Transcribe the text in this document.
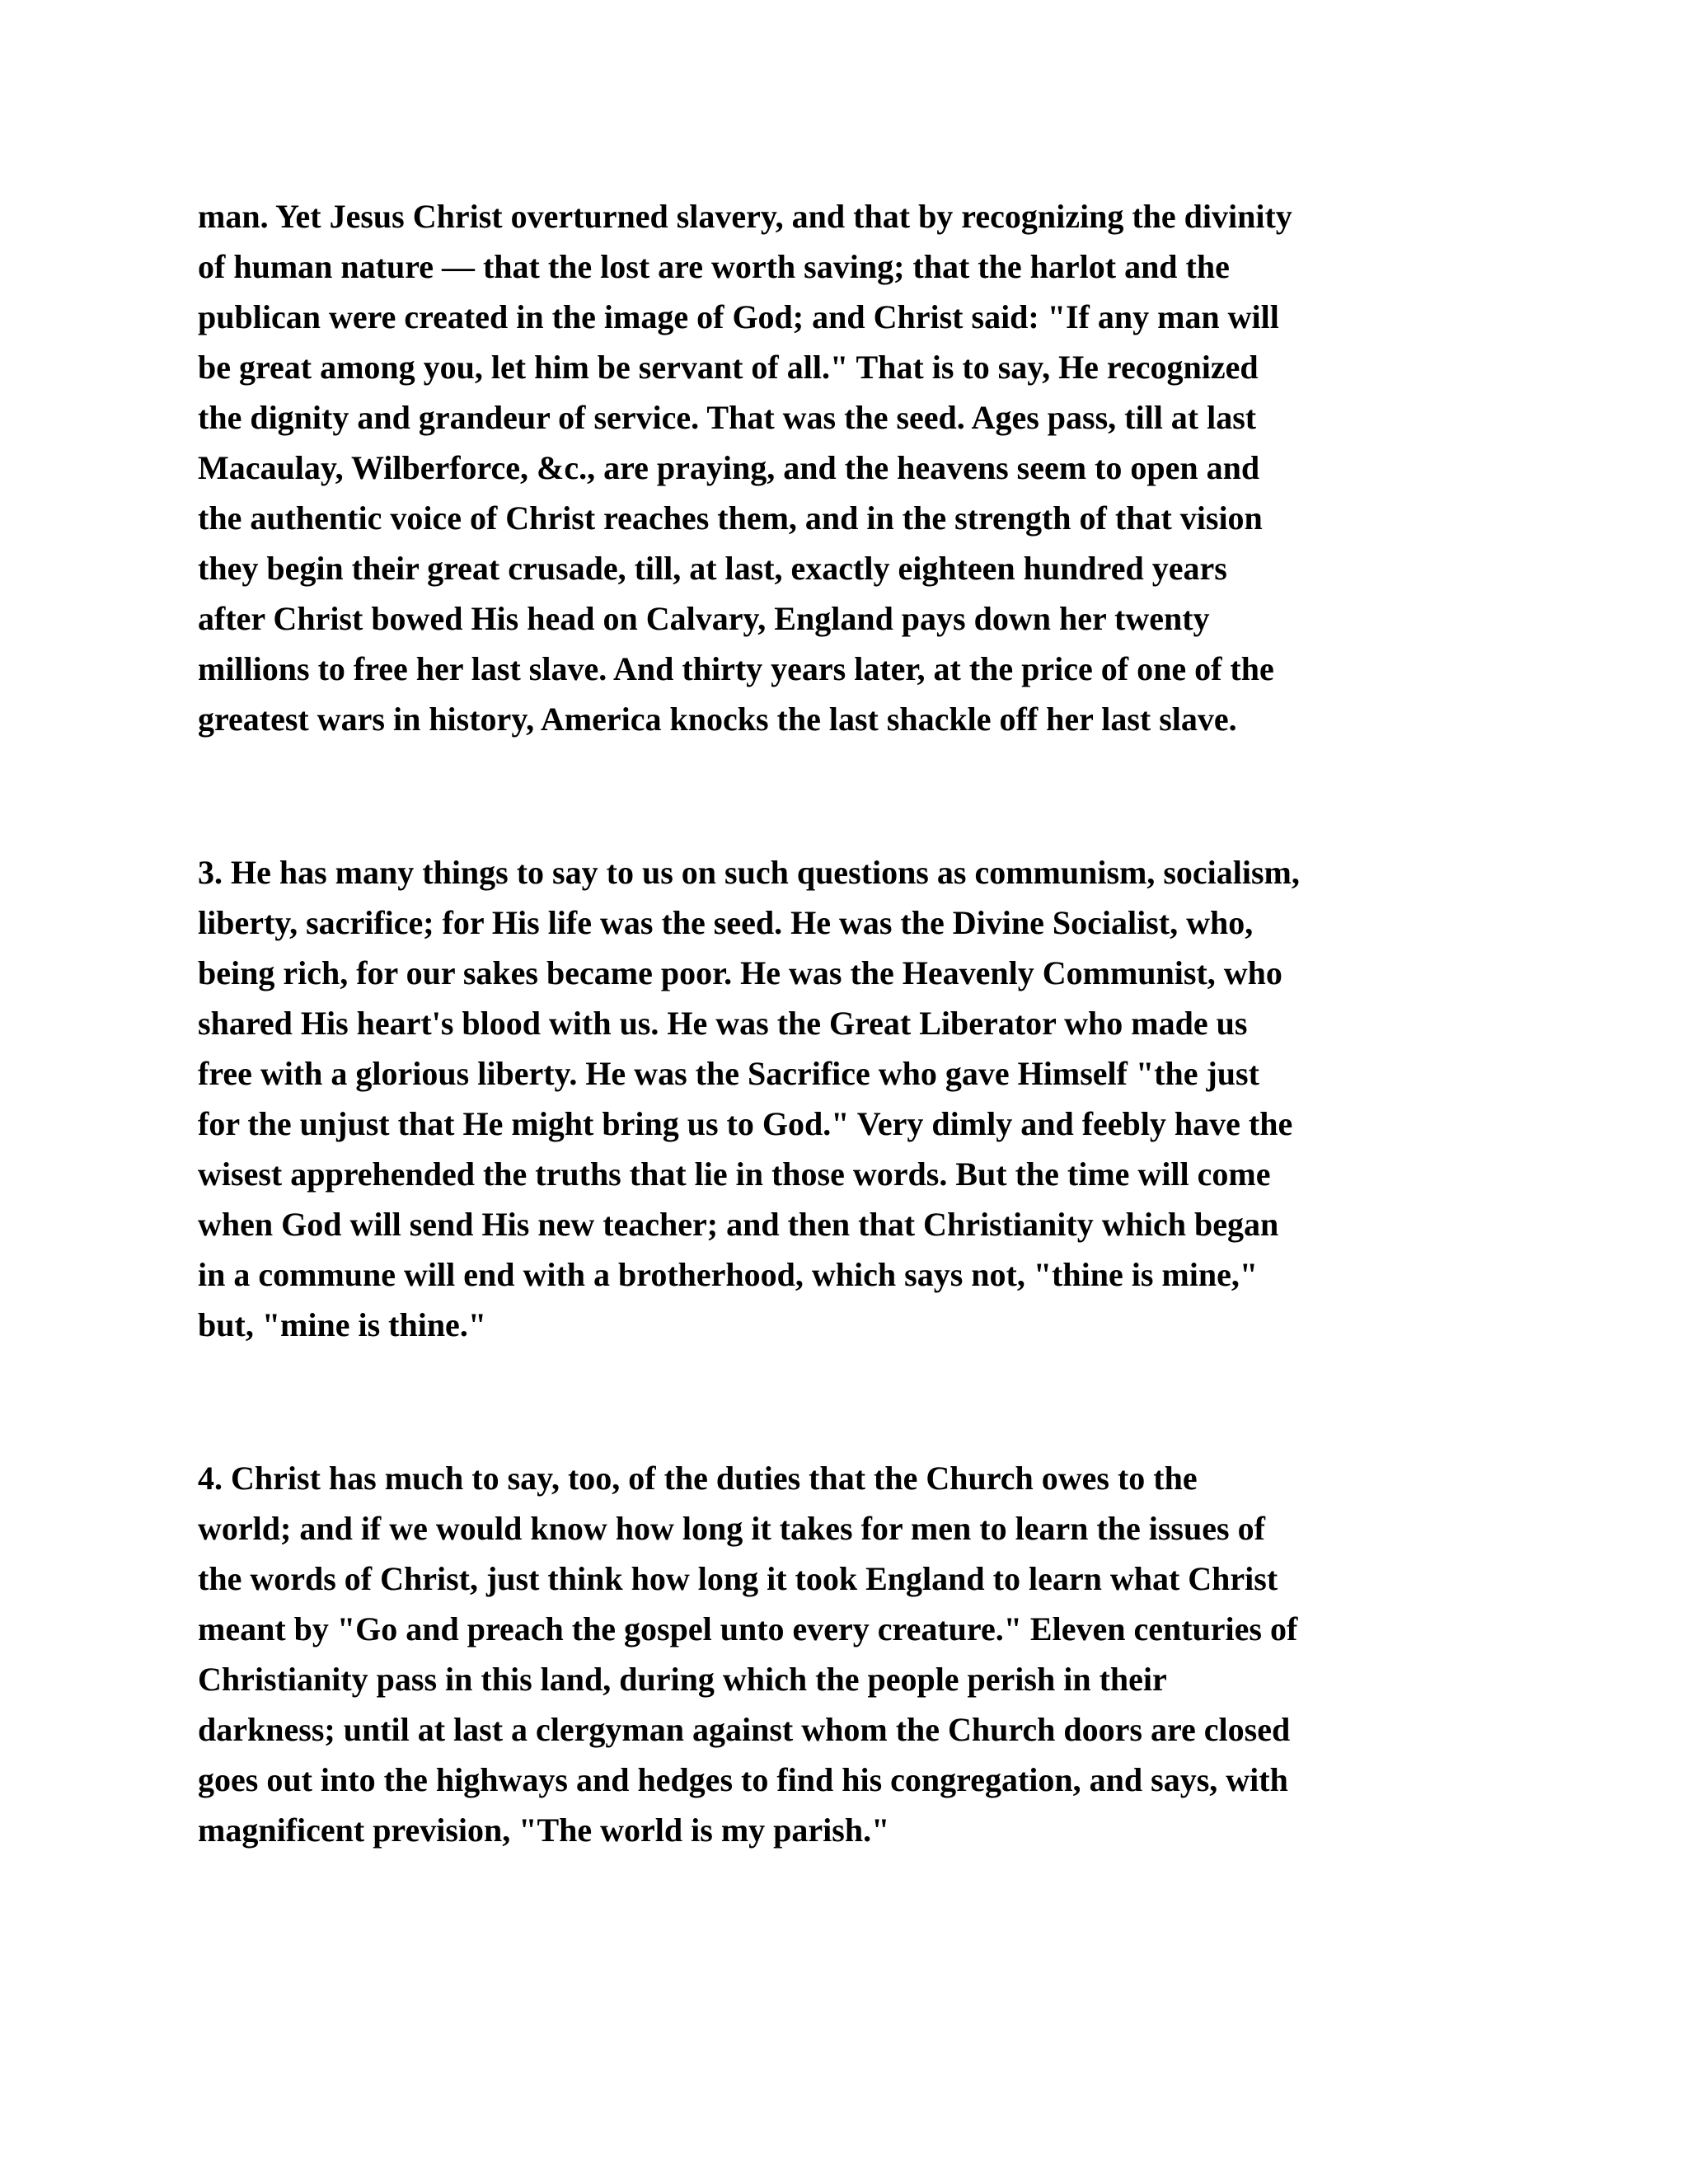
man. Yet Jesus Christ overturned slavery, and that by recognizing the divinity

of human nature — that the lost are worth saving; that the harlot and the

publican were created in the image of God; and Christ said: "If any man will

be great among you, let him be servant of all." That is to say, He recognized

the dignity and grandeur of service. That was the seed. Ages pass, till at last

Macaulay, Wilberforce, &c., are praying, and the heavens seem to open and

the authentic voice of Christ reaches them, and in the strength of that vision

they begin their great crusade, till, at last, exactly eighteen hundred years

after Christ bowed His head on Calvary, England pays down her twenty

millions to free her last slave. And thirty years later, at the price of one of the

greatest wars in history, America knocks the last shackle off her last slave.

3. He has many things to say to us on such questions as communism, socialism,

liberty, sacrifice; for His life was the seed. He was the Divine Socialist, who,

being rich, for our sakes became poor. He was the Heavenly Communist, who

shared His heart's blood with us. He was the Great Liberator who made us

free with a glorious liberty. He was the Sacrifice who gave Himself "the just

for the unjust that He might bring us to God." Very dimly and feebly have the

wisest apprehended the truths that lie in those words. But the time will come

when God will send His new teacher; and then that Christianity which began

in a commune will end with a brotherhood, which says not, "thine is mine,"

but, "mine is thine."

4. Christ has much to say, too, of the duties that the Church owes to the

world; and if we would know how long it takes for men to learn the issues of

the words of Christ, just think how long it took England to learn what Christ

meant by "Go and preach the gospel unto every creature." Eleven centuries of

Christianity pass in this land, during which the people perish in their

darkness; until at last a clergyman against whom the Church doors are closed

goes out into the highways and hedges to find his congregation, and says, with

magnificent prevision, "The world is my parish."
